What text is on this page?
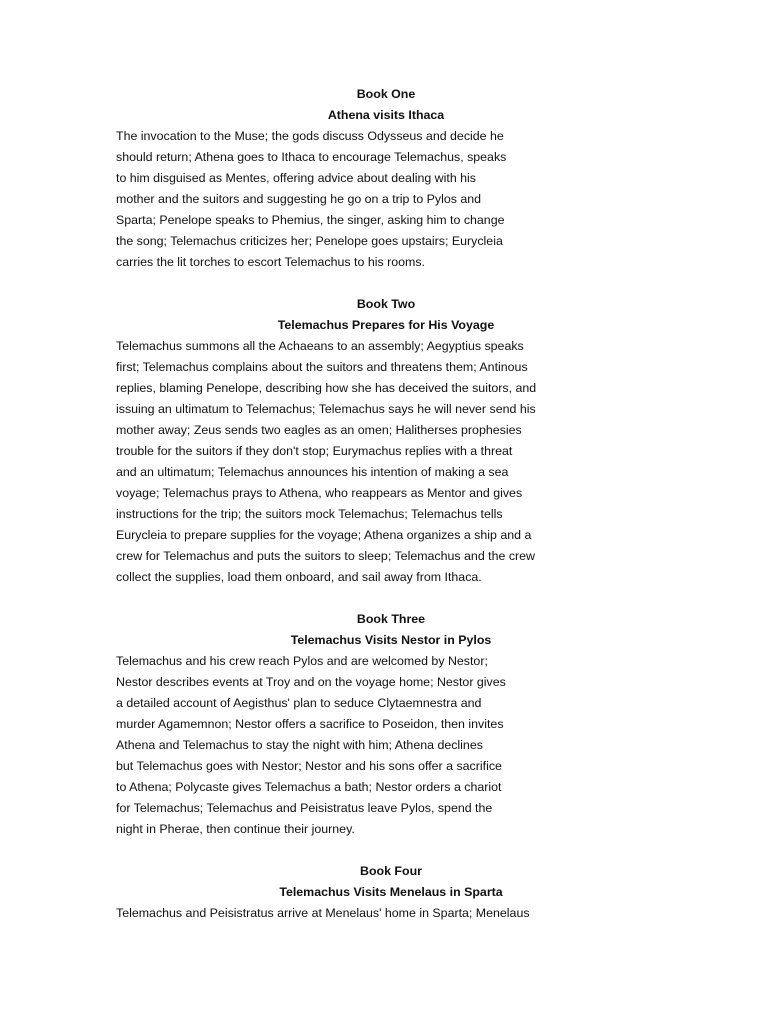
Book One

Athena visits Ithaca

The invocation to the Muse; the gods discuss Odysseus and decide he
should return; Athena goes to Ithaca to encourage Telemachus, speaks
to him disguised as Mentes, offering advice about dealing with his
mother and the suitors and suggesting he go on a trip to Pylos and
Sparta; Penelope speaks to Phemius, the singer, asking him to change
the song; Telemachus criticizes her; Penelope goes upstairs; Eurycleia
carries the lit torches to escort Telemachus to his rooms.

Book Two

Telemachus Prepares for His Voyage

Telemachus summons all the Achaeans to an assembly; Aegyptius speaks
first; Telemachus complains about the suitors and threatens them; Antinous
replies, blaming Penelope, describing how she has deceived the suitors, and
issuing an ultimatum to Telemachus; Telemachus says he will never send his
mother away; Zeus sends two eagles as an omen; Halitherses prophesies
trouble for the suitors if they don't stop; Eurymachus replies with a threat
and an ultimatum; Telemachus announces his intention of making a sea
voyage; Telemachus prays to Athena, who reappears as Mentor and gives
instructions for the trip; the suitors mock Telemachus; Telemachus tells
Eurycleia to prepare supplies for the voyage; Athena organizes a ship and a
crew for Telemachus and puts the suitors to sleep; Telemachus and the crew
collect the supplies, load them onboard, and sail away from Ithaca.

Book Three

Telemachus Visits Nestor in Pylos

Telemachus and his crew reach Pylos and are welcomed by Nestor;
Nestor describes events at Troy and on the voyage home; Nestor gives
a detailed account of Aegisthus' plan to seduce Clytaemnestra and
murder Agamemnon; Nestor offers a sacrifice to Poseidon, then invites
Athena and Telemachus to stay the night with him; Athena declines
but Telemachus goes with Nestor; Nestor and his sons offer a sacrifice
to Athena; Polycaste gives Telemachus a bath; Nestor orders a chariot
for Telemachus; Telemachus and Peisistratus leave Pylos, spend the
night in Pherae, then continue their journey.

Book Four

Telemachus Visits Menelaus in Sparta

Telemachus and Peisistratus arrive at Menelaus' home in Sparta; Menelaus
